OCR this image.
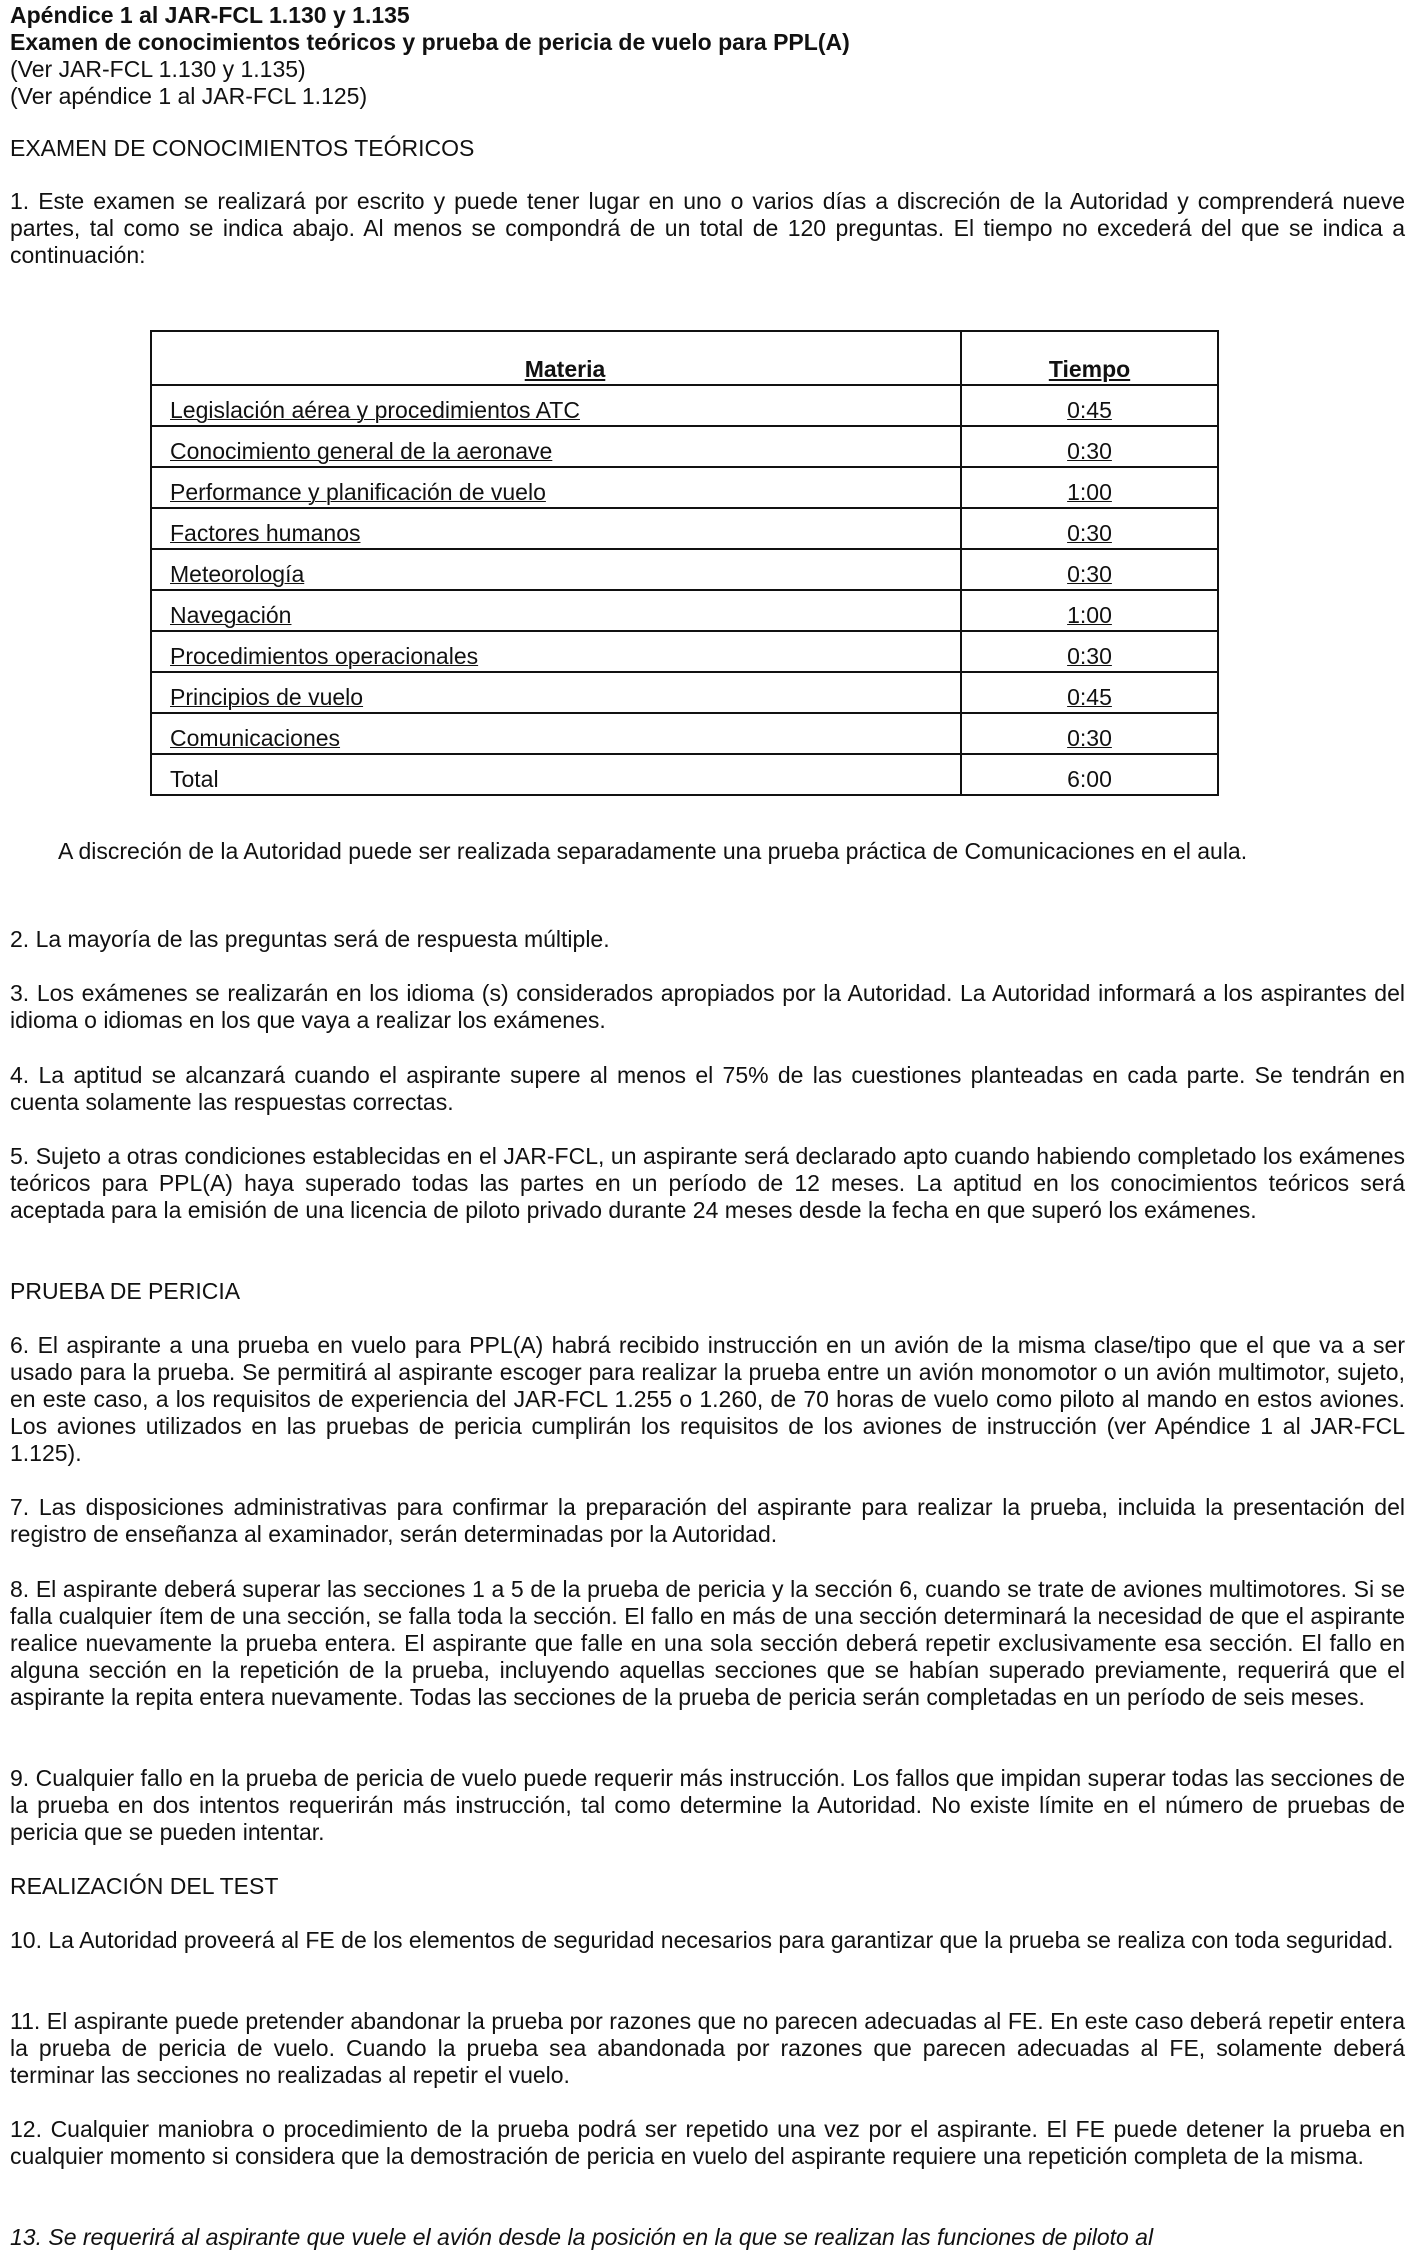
Apéndice 1 al JAR-FCL 1.130 y 1.135
Examen de conocimientos teóricos y prueba de pericia de vuelo para PPL(A)
(Ver JAR-FCL 1.130 y 1.135)
(Ver apéndice 1 al JAR-FCL 1.125)
EXAMEN DE CONOCIMIENTOS TEÓRICOS

1. Este examen se realizará por escrito y puede tener lugar en uno o varios días a discreción de la Autoridad y comprenderá nueve partes, tal como se indica abajo. Al menos se compondrá de un total de 120 preguntas. El tiempo no excederá del que se indica a continuación:

Materia	Tiempo
Legislación aérea y procedimientos ATC	0:45
Conocimiento general de la aeronave	0:30
Performance y planificación de vuelo	1:00
Factores humanos	0:30
Meteorología	0:30
Navegación	1:00
Procedimientos operacionales	0:30
Principios de vuelo	0:45
Comunicaciones	0:30
Total	6:00

A discreción de la Autoridad puede ser realizada separadamente una prueba práctica de Comunicaciones en el aula.

2. La mayoría de las preguntas será de respuesta múltiple.

3. Los exámenes se realizarán en los idioma (s) considerados apropiados por la Autoridad. La Autoridad informará a los aspirantes del idioma o idiomas en los que vaya a realizar los exámenes.

4. La aptitud se alcanzará cuando el aspirante supere al menos el 75% de las cuestiones planteadas en cada parte. Se tendrán en cuenta solamente las respuestas correctas.

5. Sujeto a otras condiciones establecidas en el JAR-FCL, un aspirante será declarado apto cuando habiendo completado los exámenes teóricos para PPL(A) haya superado todas las partes en un período de 12 meses. La aptitud en los conocimientos teóricos será aceptada para la emisión de una licencia de piloto privado durante 24 meses desde la fecha en que superó los exámenes.

PRUEBA DE PERICIA

6. El aspirante a una prueba en vuelo para PPL(A) habrá recibido instrucción en un avión de la misma clase/tipo que el que va a ser usado para la prueba. Se permitirá al aspirante escoger para realizar la prueba entre un avión monomotor o un avión multimotor, sujeto, en este caso, a los requisitos de experiencia del JAR-FCL 1.255 o 1.260, de 70 horas de vuelo como piloto al mando en estos aviones. Los aviones utilizados en las pruebas de pericia cumplirán los requisitos de los aviones de instrucción (ver Apéndice 1 al JAR-FCL 1.125).

7. Las disposiciones administrativas para confirmar la preparación del aspirante para realizar la prueba, incluida la presentación del registro de enseñanza al examinador, serán determinadas por la Autoridad.

8. El aspirante deberá superar las secciones 1 a 5 de la prueba de pericia y la sección 6, cuando se trate de aviones multimotores. Si se falla cualquier ítem de una sección, se falla toda la sección. El fallo en más de una sección determinará la necesidad de que el aspirante realice nuevamente la prueba entera. El aspirante que falle en una sola sección deberá repetir exclusivamente esa sección. El fallo en alguna sección en la repetición de la prueba, incluyendo aquellas secciones que se habían superado previamente, requerirá que el aspirante la repita entera nuevamente. Todas las secciones de la prueba de pericia serán completadas en un período de seis meses.

9. Cualquier fallo en la prueba de pericia de vuelo puede requerir más instrucción. Los fallos que impidan superar todas las secciones de la prueba en dos intentos requerirán más instrucción, tal como determine la Autoridad. No existe límite en el número de pruebas de pericia que se pueden intentar.

REALIZACIÓN DEL TEST

10. La Autoridad proveerá al FE de los elementos de seguridad necesarios para garantizar que la prueba se realiza con toda seguridad.

11. El aspirante puede pretender abandonar la prueba por razones que no parecen adecuadas al FE. En este caso deberá repetir entera la prueba de pericia de vuelo. Cuando la prueba sea abandonada por razones que parecen adecuadas al FE, solamente deberá terminar las secciones no realizadas al repetir el vuelo.

12. Cualquier maniobra o procedimiento de la prueba podrá ser repetido una vez por el aspirante. El FE puede detener la prueba en cualquier momento si considera que la demostración de pericia en vuelo del aspirante requiere una repetición completa de la misma.

13. Se requerirá al aspirante que vuele el avión desde la posición en la que se realizan las funciones de piloto al
